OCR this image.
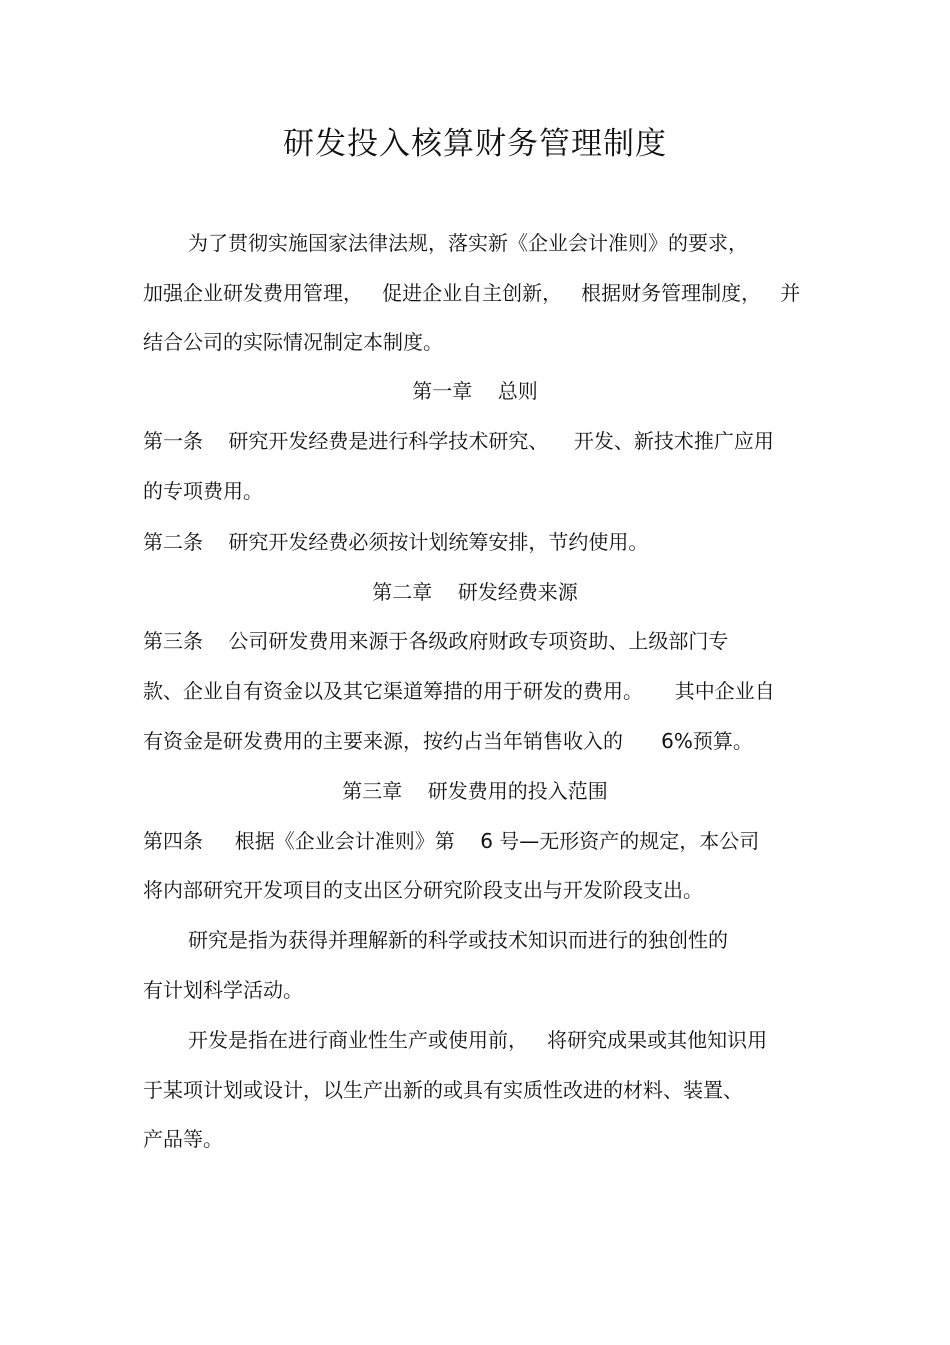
研发投入核算财务管理制度
为了贯彻实施国家法律法规，落实新《企业会计准则》的要求，
加强企业研发费用管理，   促进企业自主创新，   根据财务管理制度，   并
结合公司的实际情况制定本制度。
第一章    总则
第一条    研究开发经费是进行科学技术研究、    开发、新技术推广应用
的专项费用。
第二条    研究开发经费必须按计划统筹安排，节约使用。
第二章    研发经费来源
第三条    公司研发费用来源于各级政府财政专项资助、上级部门专
款、企业自有资金以及其它渠道筹措的用于研发的费用。     其中企业自
有资金是研发费用的主要来源，按约占当年销售收入的      6%预算。
第三章    研发费用的投入范围
第四条     根据《企业会计准则》第    6 号—无形资产的规定，本公司
将内部研究开发项目的支出区分研究阶段支出与开发阶段支出。
研究是指为获得并理解新的科学或技术知识而进行的独创性的
有计划科学活动。
开发是指在进行商业性生产或使用前，   将研究成果或其他知识用
于某项计划或设计，以生产出新的或具有实质性改进的材料、装置、
产品等。
